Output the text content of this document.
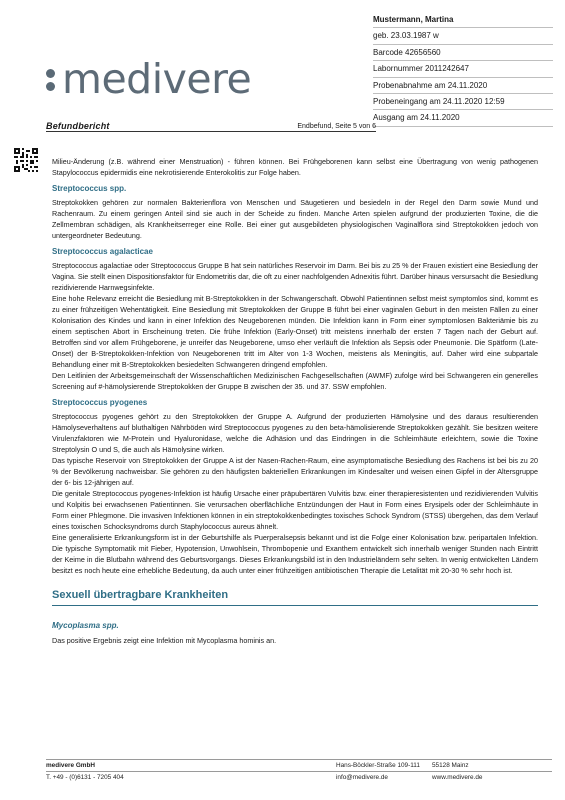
medivere
Mustermann, Martina
geb. 23.03.1987 w
Barcode 42656560
Labornummer 2011242647
Probenabnahme am 24.11.2020
Probeneingang am 24.11.2020 12:59
Ausgang am 24.11.2020
Befundbericht	Endbefund, Seite 5 von 6

Milieu-Änderung (z.B. während einer Menstruation) - führen können. Bei Frühgeborenen kann selbst eine Übertragung von wenig pathogenen Stapylococcus epidermidis eine nekrotisierende Enterokolitis zur Folge haben.

Streptococcus spp.

Streptokokken gehören zur normalen Bakterienflora von Menschen und Säugetieren und besiedeln in der Regel den Darm sowie Mund und Rachenraum. Zu einem geringen Anteil sind sie auch in der Scheide zu finden. Manche Arten spielen aufgrund der produzierten Toxine, die die Zellmembran schädigen, als Krankheitserreger eine Rolle. Bei einer gut ausgebildeten physiologischen Vaginalflora sind Streptokokken jedoch von untergeordneter Bedeutung.

Streptococcus agalacticae

Streptococcus agalactiae oder Streptococcus Gruppe B hat sein natürliches Reservoir im Darm. Bei bis zu 25 % der Frauen existiert eine Besiedlung der Vagina. Sie stellt einen Dispositionsfaktor für Endometritis dar, die oft zu einer nachfolgenden Adnexitis führt. Darüber hinaus versursacht die Besiedlung rezidivierende Harnwegsinfekte.

Eine hohe Relevanz erreicht die Besiedlung mit B-Streptokokken in der Schwangerschaft. Obwohl Patientinnen selbst meist symptomlos sind, kommt es zu einer frühzeitigen Wehentätigkeit. Eine Besiedlung mit Streptokokken der Gruppe B führt bei einer vaginalen Geburt in den meisten Fällen zu einer Kolonisation des Kindes und kann in einer Infektion des Neugeborenen münden. Die Infektion kann in Form einer symptomlosen Bakteriämie bis zu einem septischen Abort in Erscheinung treten. Die frühe Infektion (Early-Onset) tritt meistens innerhalb der ersten 7 Tagen nach der Geburt auf. Betroffen sind vor allem Frühgeborene, je unreifer das Neugeborene, umso eher verläuft die Infektion als Sepsis oder Pneumonie. Die Spätform (Late-Onset) der B-Streptokokken-Infektion von Neugeborenen tritt im Alter von 1-3 Wochen, meistens als Meningitis, auf. Daher wird eine subpartale Behandlung einer mit B-Streptokokken besiedelten Schwangeren dringend empfohlen.

Den Leitlinien der Arbeitsgemeinschaft der Wissenschaftlichen Medizinischen Fachgesellschaften (AWMF) zufolge wird bei Schwangeren ein generelles Screening auf #-hämolysierende Streptokokken der Gruppe B zwischen der 35. und 37. SSW empfohlen.

Streptococcus pyogenes

Streptococcus pyogenes gehört zu den Streptokokken der Gruppe A. Aufgrund der produzierten Hämolysine und des daraus resultierenden Hämolyseverhaltens auf bluthaltigen Nährböden wird Streptococcus pyogenes zu den beta-hämolisierende Streptokokken gezählt. Sie besitzen weitere Virulenzfaktoren wie M-Protein und Hyaluronidase, welche die Adhäsion und das Eindringen in die Schleimhäute erleichtern, sowie die Toxine Streptolysin O und S, die auch als Hämolysine wirken.

Das typische Reservoir von Streptokokken der Gruppe A ist der Nasen-Rachen-Raum, eine asymptomatische Besiedlung des Rachens ist bei bis zu 20 % der Bevölkerung nachweisbar. Sie gehören zu den häufigsten bakteriellen Erkrankungen im Kindesalter und weisen einen Gipfel in der Altersgruppe der 6- bis 12-jährigen auf.

Die genitale Streptococcus pyogenes-Infektion ist häufig Ursache einer präpubertären Vulvitis bzw. einer therapieresistenten und rezidivierenden Vulvitis und Kolpitis bei erwachsenen Patientinnen. Sie verursachen oberflächliche Entzündungen der Haut in Form eines Erysipels oder der Schleimhäute in Form einer Phlegmone. Die invasiven Infektionen können in ein streptokokkenbedingtes toxisches Schock Syndrom (STSS) übergehen, das dem Verlauf eines toxischen Schocksyndroms durch Staphylococcus aureus ähnelt.

Eine generalisierte Erkrankungsform ist in der Geburtshilfe als Puerperalsepsis bekannt und ist die Folge einer Kolonisation bzw. peripartalen Infektion. Die typische Symptomatik mit Fieber, Hypotension, Unwohlsein, Thrombopenie und Exanthem entwickelt sich innerhalb weniger Stunden nach Eintritt der Keime in die Blutbahn während des Geburtsvorgangs. Dieses Erkrankungsbild ist in den Industrieländern sehr selten. In wenig entwickelten Ländern besitzt es noch heute eine erhebliche Bedeutung, da auch unter einer frühzeitigen antibiotischen Therapie die Letalität mit 20-30 % sehr hoch ist.

Sexuell übertragbare Krankheiten
Mycoplasma spp.

Das positive Ergebnis zeigt eine Infektion mit Mycoplasma hominis an.

medivere GmbH	Hans-Böckler-Straße 109-111 55128 Mainz
T. +49 - (0)6131 - 7205 404	info@medivere.de	www.medivere.de
